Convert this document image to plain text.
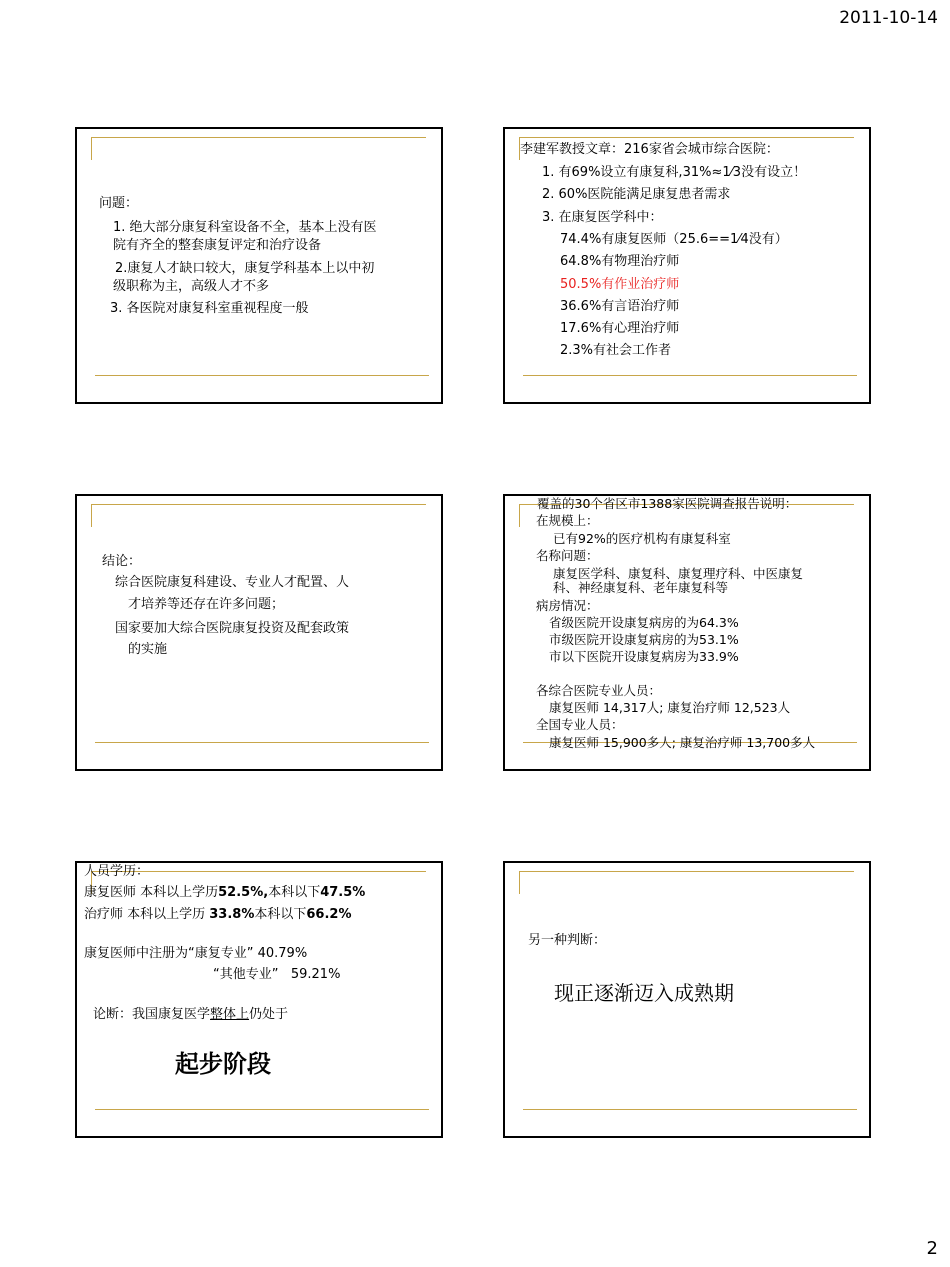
2011-10-14
问题：
1. 绝大部分康复科室设备不全，基本上没有医
院有齐全的整套康复评定和治疗设备
2.康复人才缺口较大，康复学科基本上以中初
级职称为主，高级人才不多
3. 各医院对康复科室重视程度一般
李建军教授文章：216家省会城市综合医院：
1. 有69%设立有康复科,31%≈1⁄3没有设立！
2. 60%医院能满足康复患者需求
3. 在康复医学科中：
74.4%有康复医师（25.6==1⁄4没有）
64.8%有物理治疗师
50.5%有作业治疗师
36.6%有言语治疗师
17.6%有心理治疗师
2.3%有社会工作者
结论：
综合医院康复科建设、专业人才配置、人
才培养等还存在许多问题；
国家要加大综合医院康复投资及配套政策
的实施
覆盖的30个省区市1388家医院调查报告说明：
在规模上：
已有92%的医疗机构有康复科室
名称问题：
康复医学科、康复科、康复理疗科、中医康复
科、神经康复科、老年康复科等
病房情况：
省级医院开设康复病房的为64.3%
市级医院开设康复病房的为53.1%
市以下医院开设康复病房为33.9%
各综合医院专业人员：
康复医师 14,317人; 康复治疗师 12,523人
全国专业人员：
康复医师 15,900多人; 康复治疗师 13,700多人
人员学历：
康复医师 本科以上学历52.5%,本科以下47.5%
治疗师 本科以上学历 33.8%本科以下66.2%
康复医师中注册为“康复专业” 40.79%
“其他专业”   59.21%
论断：我国康复医学整体上仍处于
起步阶段
另一种判断：
现正逐渐迈入成熟期
2
